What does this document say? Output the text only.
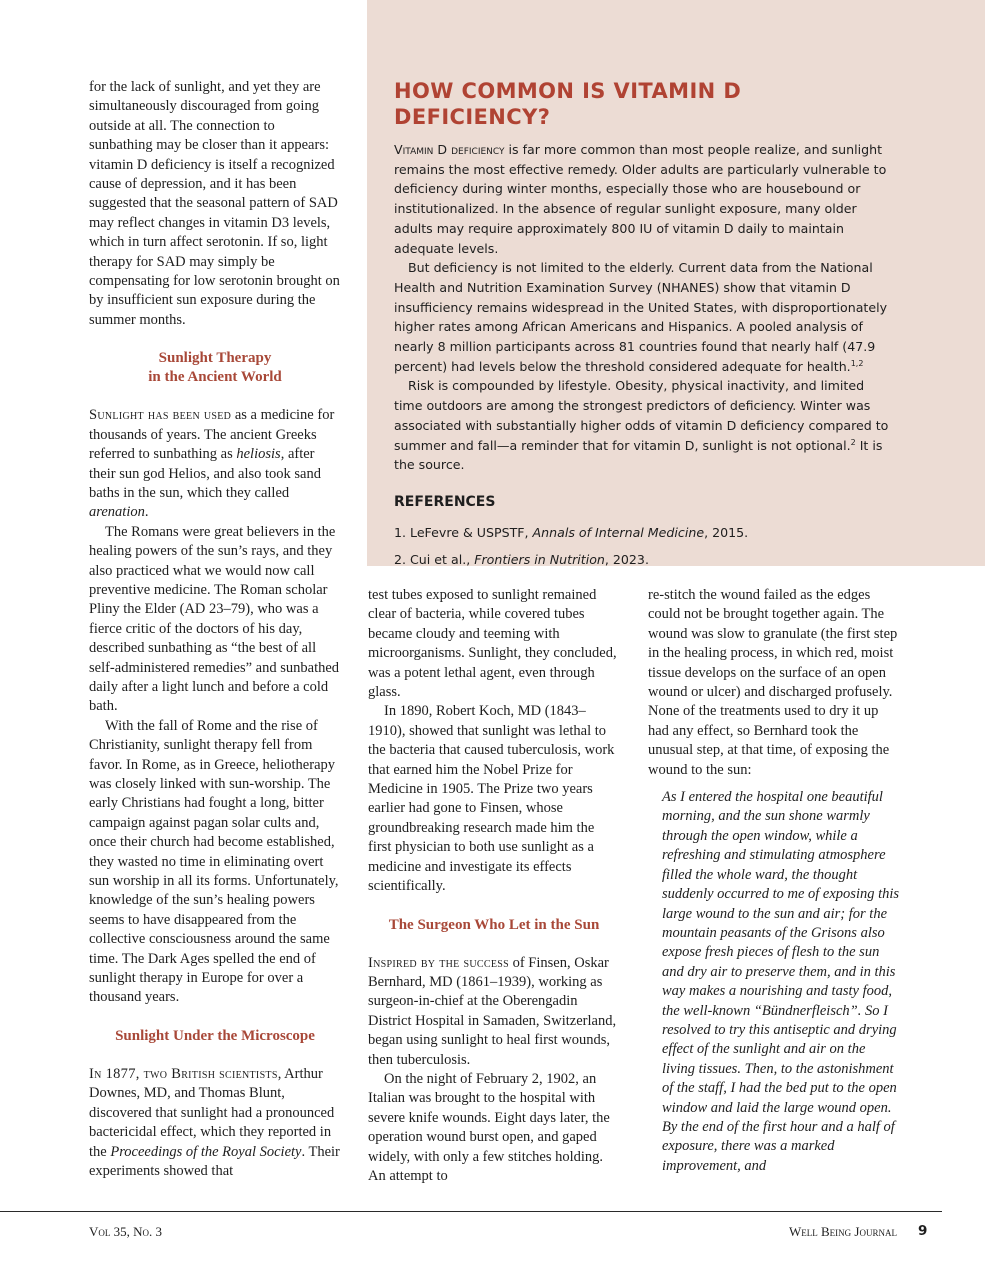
for the lack of sunlight, and yet they are simultaneously discouraged from going outside at all. The connection to sunbathing may be closer than it appears: vitamin D deficiency is itself a recognized cause of depression, and it has been suggested that the seasonal pattern of SAD may reflect changes in vitamin D3 levels, which in turn affect serotonin. If so, light therapy for SAD may simply be compensating for low serotonin brought on by insufficient sun exposure during the summer months.

Sunlight Therapy
in the Ancient World

Sunlight has been used as a medicine for thousands of years. The ancient Greeks referred to sunbathing as heliosis, after their sun god Helios, and also took sand baths in the sun, which they called arenation.

The Romans were great believers in the healing powers of the sun’s rays, and they also practiced what we would now call preventive medicine. The Roman scholar Pliny the Elder (AD 23–79), who was a fierce critic of the doctors of his day, described sunbathing as “the best of all self-administered remedies” and sunbathed daily after a light lunch and before a cold bath.

With the fall of Rome and the rise of Christianity, sunlight therapy fell from favor. In Rome, as in Greece, heliotherapy was closely linked with sun-worship. The early Christians had fought a long, bitter campaign against pagan solar cults and, once their church had become established, they wasted no time in eliminating overt sun worship in all its forms. Unfortunately, knowledge of the sun’s healing powers seems to have disappeared from the collective consciousness around the same time. The Dark Ages spelled the end of sunlight therapy in Europe for over a thousand years.

Sunlight Under the Microscope

In 1877, two British scientists, Arthur Downes, MD, and Thomas Blunt, discovered that sunlight had a pronounced bactericidal effect, which they reported in the Proceedings of the Royal Society. Their experiments showed that

HOW COMMON IS VITAMIN D DEFICIENCY?

Vitamin D deficiency is far more common than most people realize, and sunlight remains the most effective remedy. Older adults are particularly vulnerable to deficiency during winter months, especially those who are housebound or institutionalized. In the absence of regular sunlight exposure, many older adults may require approximately 800 IU of vitamin D daily to maintain adequate levels.

But deficiency is not limited to the elderly. Current data from the National Health and Nutrition Examination Survey (NHANES) show that vitamin D insufficiency remains widespread in the United States, with disproportionately higher rates among African Americans and Hispanics. A pooled analysis of nearly 8 million participants across 81 countries found that nearly half (47.9 percent) had levels below the threshold considered adequate for health.$^{1,2}$

Risk is compounded by lifestyle. Obesity, physical inactivity, and limited time outdoors are among the strongest predictors of deficiency. Winter was associated with substantially higher odds of vitamin D deficiency compared to summer and fall—a reminder that for vitamin D, sunlight is not optional.$^2$ It is the source.

REFERENCES
1. LeFevre & USPSTF, Annals of Internal Medicine, 2015.
2. Cui et al., Frontiers in Nutrition, 2023.

test tubes exposed to sunlight remained clear of bacteria, while covered tubes became cloudy and teeming with microorganisms. Sunlight, they concluded, was a potent lethal agent, even through glass.

In 1890, Robert Koch, MD (1843–1910), showed that sunlight was lethal to the bacteria that caused tuberculosis, work that earned him the Nobel Prize for Medicine in 1905. The Prize two years earlier had gone to Finsen, whose groundbreaking research made him the first physician to both use sunlight as a medicine and investigate its effects scientifically.

The Surgeon Who Let in the Sun

Inspired by the success of Finsen, Oskar Bernhard, MD (1861–1939), working as surgeon-in-chief at the Oberengadin District Hospital in Samaden, Switzerland, began using sunlight to heal first wounds, then tuberculosis.

On the night of February 2, 1902, an Italian was brought to the hospital with severe knife wounds. Eight days later, the operation wound burst open, and gaped widely, with only a few stitches holding. An attempt to

re-stitch the wound failed as the edges could not be brought together again. The wound was slow to granulate (the first step in the healing process, in which red, moist tissue develops on the surface of an open wound or ulcer) and discharged profusely. None of the treatments used to dry it up had any effect, so Bernhard took the unusual step, at that time, of exposing the wound to the sun:

As I entered the hospital one beautiful morning, and the sun shone warmly through the open window, while a refreshing and stimulating atmosphere filled the whole ward, the thought suddenly occurred to me of exposing this large wound to the sun and air; for the mountain peasants of the Grisons also expose fresh pieces of flesh to the sun and dry air to preserve them, and in this way makes a nourishing and tasty food, the well-known “Bündnerfleisch”. So I resolved to try this antiseptic and drying effect of the sunlight and air on the living tissues. Then, to the astonishment of the staff, I had the bed put to the open window and laid the large wound open. By the end of the first hour and a half of exposure, there was a marked improvement, and

Vol 35, No. 3	Well Being Journal 9
